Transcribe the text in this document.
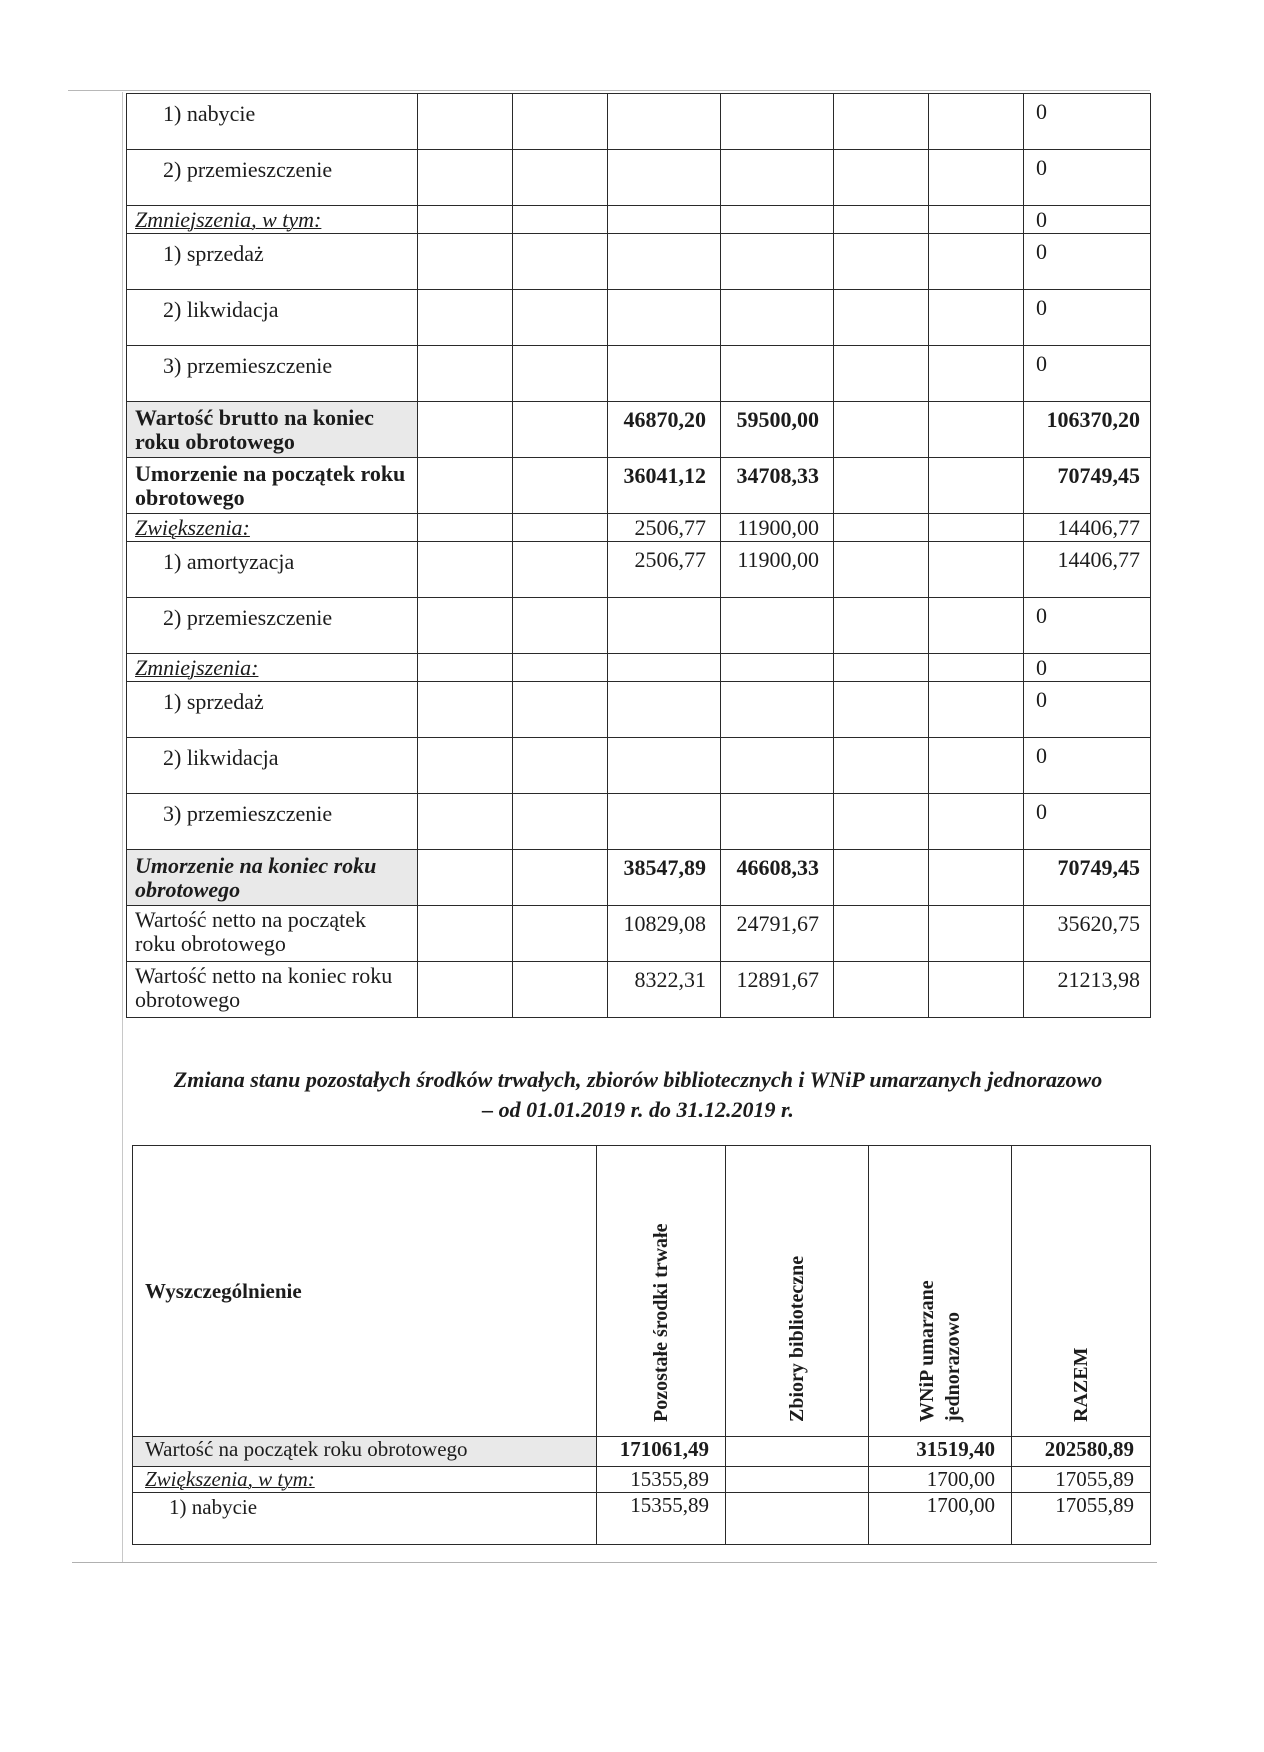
1) nabycie							0
2) przemieszczenie							0
Zmniejszenia, w tym:							0
1) sprzedaż							0
2) likwidacja							0
3) przemieszczenie							0
Wartość brutto na koniec roku obrotowego			46870,20	59500,00			106370,20
Umorzenie na początek roku obrotowego			36041,12	34708,33			70749,45
Zwiększenia:			2506,77	11900,00			14406,77
1) amortyzacja			2506,77	11900,00			14406,77
2) przemieszczenie							0
Zmniejszenia:							0
1) sprzedaż							0
2) likwidacja							0
3) przemieszczenie							0
Umorzenie na koniec roku obrotowego			38547,89	46608,33			70749,45
Wartość netto na początek roku obrotowego			10829,08	24791,67			35620,75
Wartość netto na koniec roku obrotowego			8322,31	12891,67			21213,98
Zmiana stanu pozostałych środków trwałych, zbiorów bibliotecznych i WNiP umarzanych jednorazowo
– od 01.01.2019 r. do 31.12.2019 r.
Wyszczególnienie	Pozostałe środki trwałe	Zbiory biblioteczne	WNiP umarzane jednorazowo	RAZEM

Wartość na początek roku obrotowego	171061,49		31519,40	202580,89
Zwiększenia, w tym:	15355,89		1700,00	17055,89
1) nabycie	15355,89		1700,00	17055,89
